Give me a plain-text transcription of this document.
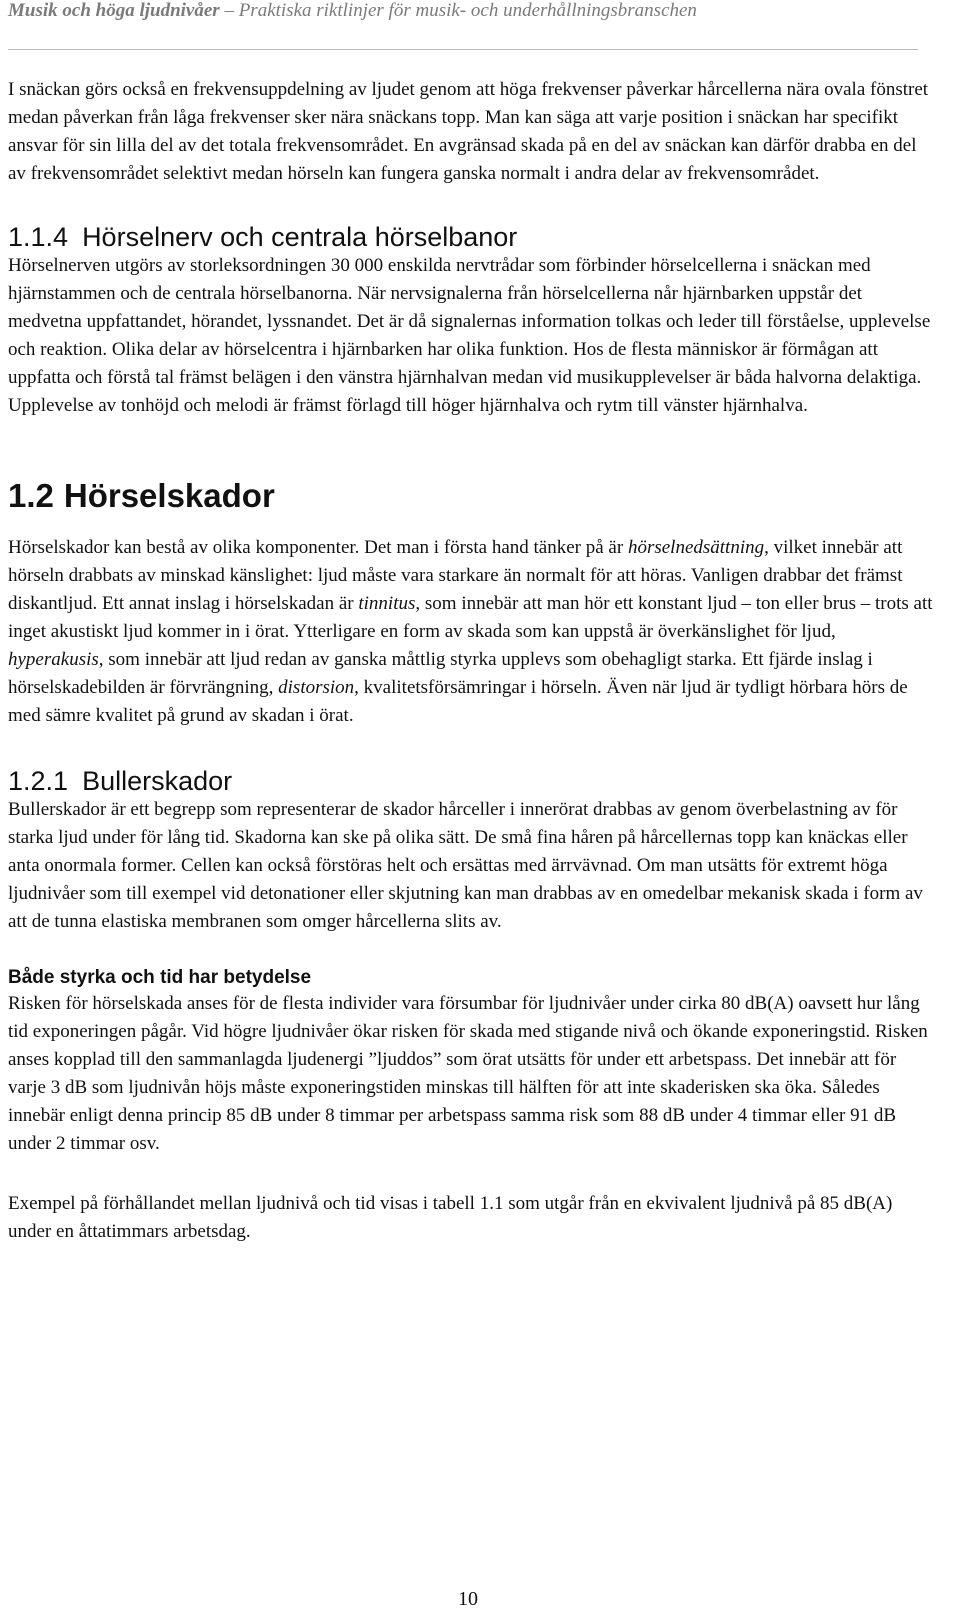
Musik och höga ljudnivåer – Praktiska riktlinjer för musik- och underhållningsbranschen

I snäckan görs också en frekvensuppdelning av ljudet genom att höga frekvenser påverkar hårcellerna nära ovala fönstret medan påverkan från låga frekvenser sker nära snäckans topp. Man kan säga att varje position i snäckan har specifikt ansvar för sin lilla del av det totala frekvensområdet. En avgränsad skada på en del av snäckan kan därför drabba en del av frekvensområdet selektivt medan hörseln kan fungera ganska normalt i andra delar av frekvensområdet.

1.1.4 Hörselnerv och centrala hörselbanor

Hörselnerven utgörs av storleksordningen 30 000 enskilda nervtrådar som förbinder hörselcellerna i snäckan med hjärnstammen och de centrala hörselbanorna. När nervsignalerna från hörselcellerna når hjärnbarken uppstår det medvetna uppfattandet, hörandet, lyssnandet. Det är då signalernas information tolkas och leder till förståelse, upplevelse och reaktion. Olika delar av hörselcentra i hjärnbarken har olika funktion. Hos de flesta människor är förmågan att uppfatta och förstå tal främst belägen i den vänstra hjärnhalvan medan vid musikupplevelser är båda halvorna delaktiga. Upplevelse av tonhöjd och melodi är främst förlagd till höger hjärnhalva och rytm till vänster hjärnhalva.

1.2 Hörselskador

Hörselskador kan bestå av olika komponenter. Det man i första hand tänker på är hörselnedsättning, vilket innebär att hörseln drabbats av minskad känslighet: ljud måste vara starkare än normalt för att höras. Vanligen drabbar det främst diskantljud. Ett annat inslag i hörselskadan är tinnitus, som innebär att man hör ett konstant ljud – ton eller brus – trots att inget akustiskt ljud kommer in i örat. Ytterligare en form av skada som kan uppstå är överkänslighet för ljud, hyperakusis, som innebär att ljud redan av ganska måttlig styrka upplevs som obehagligt starka. Ett fjärde inslag i hörselskadebilden är förvrängning, distorsion, kvalitetsförsämringar i hörseln. Även när ljud är tydligt hörbara hörs de med sämre kvalitet på grund av skadan i örat.

1.2.1 Bullerskador

Bullerskador är ett begrepp som representerar de skador hårceller i innerörat drabbas av genom överbelastning av för starka ljud under för lång tid. Skadorna kan ske på olika sätt. De små fina håren på hårcellernas topp kan knäckas eller anta onormala former. Cellen kan också förstöras helt och ersättas med ärrvävnad. Om man utsätts för extremt höga ljudnivåer som till exempel vid detonationer eller skjutning kan man drabbas av en omedelbar mekanisk skada i form av att de tunna elastiska membranen som omger hårcellerna slits av.

Både styrka och tid har betydelse

Risken för hörselskada anses för de flesta individer vara försumbar för ljudnivåer under cirka 80 dB(A) oavsett hur lång tid exponeringen pågår. Vid högre ljudnivåer ökar risken för skada med stigande nivå och ökande exponeringstid. Risken anses kopplad till den sammanlagda ljudenergi ”ljuddos” som örat utsätts för under ett arbetspass. Det innebär att för varje 3 dB som ljudnivån höjs måste exponeringstiden minskas till hälften för att inte skaderisken ska öka. Således innebär enligt denna princip 85 dB under 8 timmar per arbetspass samma risk som 88 dB under 4 timmar eller 91 dB under 2 timmar osv.

Exempel på förhållandet mellan ljudnivå och tid visas i tabell 1.1 som utgår från en ekvivalent ljudnivå på 85 dB(A) under en åttatimmars arbetsdag.

10
